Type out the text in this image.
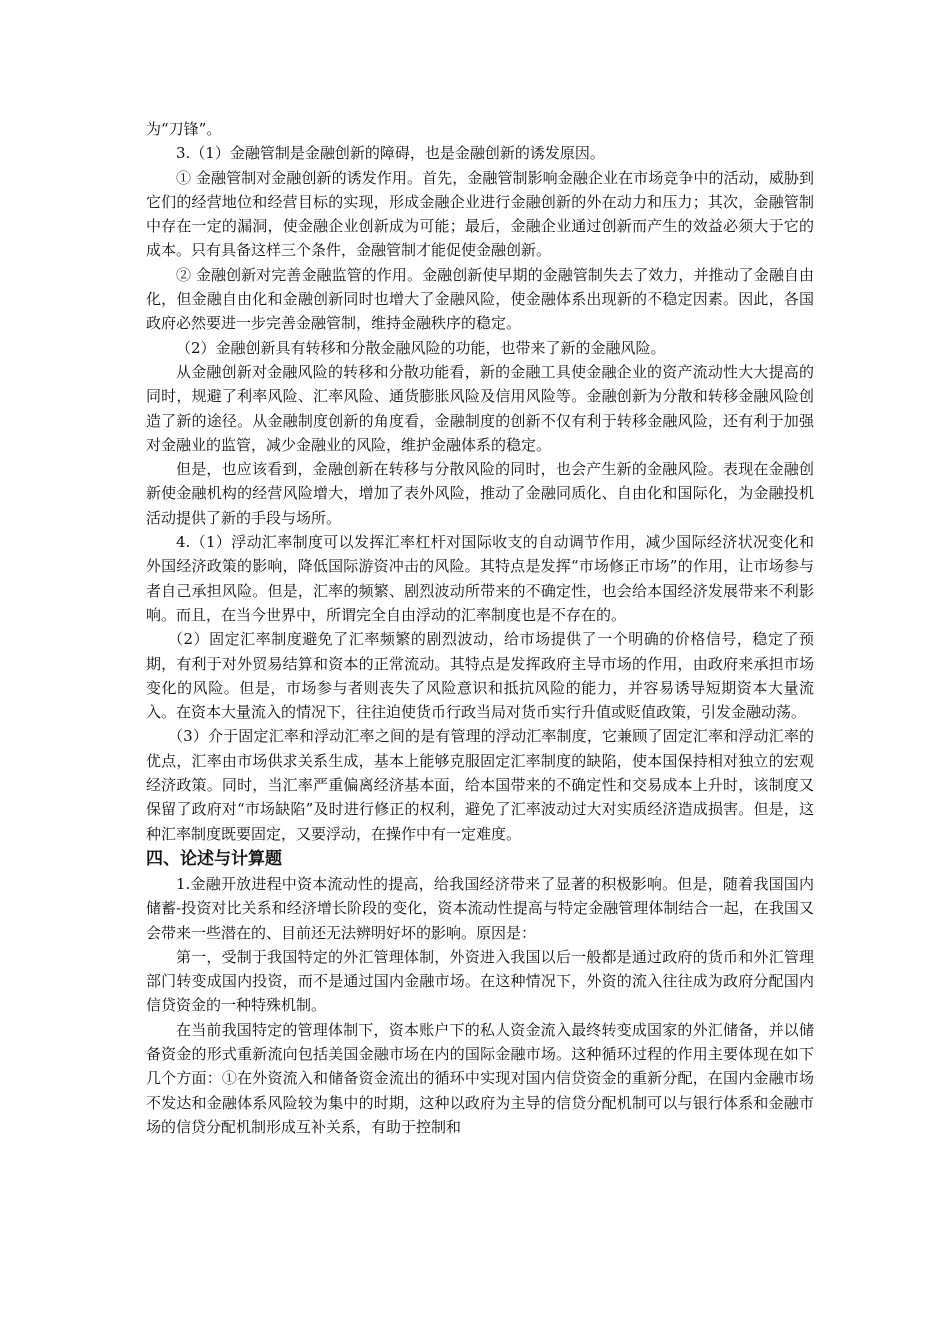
为“刀锋”。

3.（1）金融管制是金融创新的障碍，也是金融创新的诱发原因。

① 金融管制对金融创新的诱发作用。首先，金融管制影响金融企业在市场竞争中的活动，威胁到它们的经营地位和经营目标的实现，形成金融企业进行金融创新的外在动力和压力；其次，金融管制中存在一定的漏洞，使金融企业创新成为可能；最后，金融企业通过创新而产生的效益必须大于它的成本。只有具备这样三个条件，金融管制才能促使金融创新。

② 金融创新对完善金融监管的作用。金融创新使早期的金融管制失去了效力，并推动了金融自由化，但金融自由化和金融创新同时也增大了金融风险，使金融体系出现新的不稳定因素。因此，各国政府必然要进一步完善金融管制，维持金融秩序的稳定。

（2）金融创新具有转移和分散金融风险的功能，也带来了新的金融风险。

从金融创新对金融风险的转移和分散功能看，新的金融工具使金融企业的资产流动性大大提高的同时，规避了利率风险、汇率风险、通货膨胀风险及信用风险等。金融创新为分散和转移金融风险创造了新的途径。从金融制度创新的角度看，金融制度的创新不仅有利于转移金融风险，还有利于加强对金融业的监管，减少金融业的风险，维护金融体系的稳定。

但是，也应该看到，金融创新在转移与分散风险的同时，也会产生新的金融风险。表现在金融创新使金融机构的经营风险增大，增加了表外风险，推动了金融同质化、自由化和国际化，为金融投机活动提供了新的手段与场所。

4.（1）浮动汇率制度可以发挥汇率杠杆对国际收支的自动调节作用，减少国际经济状况变化和外国经济政策的影响，降低国际游资冲击的风险。其特点是发挥“市场修正市场”的作用，让市场参与者自己承担风险。但是，汇率的频繁、剧烈波动所带来的不确定性，也会给本国经济发展带来不利影响。而且，在当今世界中，所谓完全自由浮动的汇率制度也是不存在的。

（2）固定汇率制度避免了汇率频繁的剧烈波动，给市场提供了一个明确的价格信号，稳定了预期，有利于对外贸易结算和资本的正常流动。其特点是发挥政府主导市场的作用，由政府来承担市场变化的风险。但是，市场参与者则丧失了风险意识和抵抗风险的能力，并容易诱导短期资本大量流入。在资本大量流入的情况下，往往迫使货币行政当局对货币实行升值或贬值政策，引发金融动荡。

（3）介于固定汇率和浮动汇率之间的是有管理的浮动汇率制度，它兼顾了固定汇率和浮动汇率的优点，汇率由市场供求关系生成，基本上能够克服固定汇率制度的缺陷，使本国保持相对独立的宏观经济政策。同时，当汇率严重偏离经济基本面，给本国带来的不确定性和交易成本上升时，该制度又保留了政府对“市场缺陷”及时进行修正的权利，避免了汇率波动过大对实质经济造成损害。但是，这种汇率制度既要固定，又要浮动，在操作中有一定难度。

四、论述与计算题

1.金融开放进程中资本流动性的提高，给我国经济带来了显著的积极影响。但是，随着我国国内储蓄-投资对比关系和经济增长阶段的变化，资本流动性提高与特定金融管理体制结合一起，在我国又会带来一些潜在的、目前还无法辨明好坏的影响。原因是：

第一，受制于我国特定的外汇管理体制，外资进入我国以后一般都是通过政府的货币和外汇管理部门转变成国内投资，而不是通过国内金融市场。在这种情况下，外资的流入往往成为政府分配国内信贷资金的一种特殊机制。

在当前我国特定的管理体制下，资本账户下的私人资金流入最终转变成国家的外汇储备，并以储备资金的形式重新流向包括美国金融市场在内的国际金融市场。这种循环过程的作用主要体现在如下几个方面：①在外资流入和储备资金流出的循环中实现对国内信贷资金的重新分配，在国内金融市场不发达和金融体系风险较为集中的时期，这种以政府为主导的信贷分配机制可以与银行体系和金融市场的信贷分配机制形成互补关系，有助于控制和
